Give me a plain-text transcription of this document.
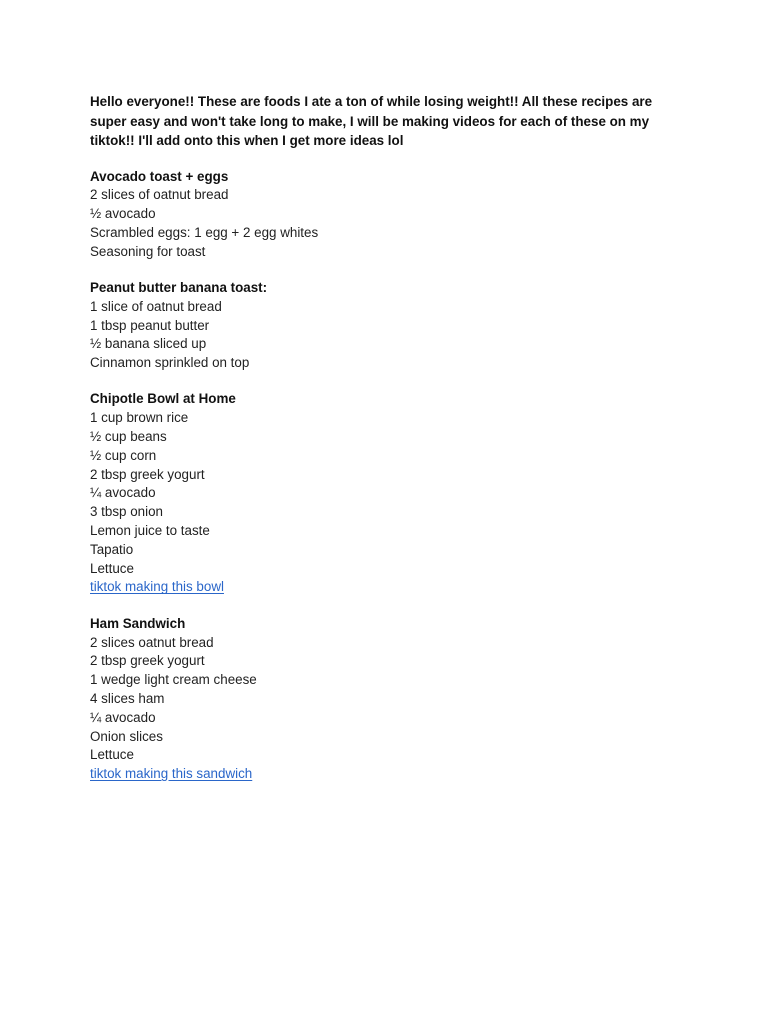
Hello everyone!! These are foods I ate a ton of while losing weight!! All these recipes are super easy and won't take long to make, I will be making videos for each of these on my tiktok!! I'll add onto this when I get more ideas lol
Avocado toast + eggs
2 slices of oatnut bread
½ avocado
Scrambled eggs: 1 egg + 2 egg whites
Seasoning for toast
Peanut butter banana toast:
1 slice of oatnut bread
1 tbsp peanut butter
½ banana sliced up
Cinnamon sprinkled on top
Chipotle Bowl at Home
1 cup brown rice
½ cup beans
½ cup corn
2 tbsp greek yogurt
¼ avocado
3 tbsp onion
Lemon juice to taste
Tapatio
Lettuce
tiktok making this bowl
Ham Sandwich
2 slices oatnut bread
2 tbsp greek yogurt
1 wedge light cream cheese
4 slices ham
¼ avocado
Onion slices
Lettuce
tiktok making this sandwich
